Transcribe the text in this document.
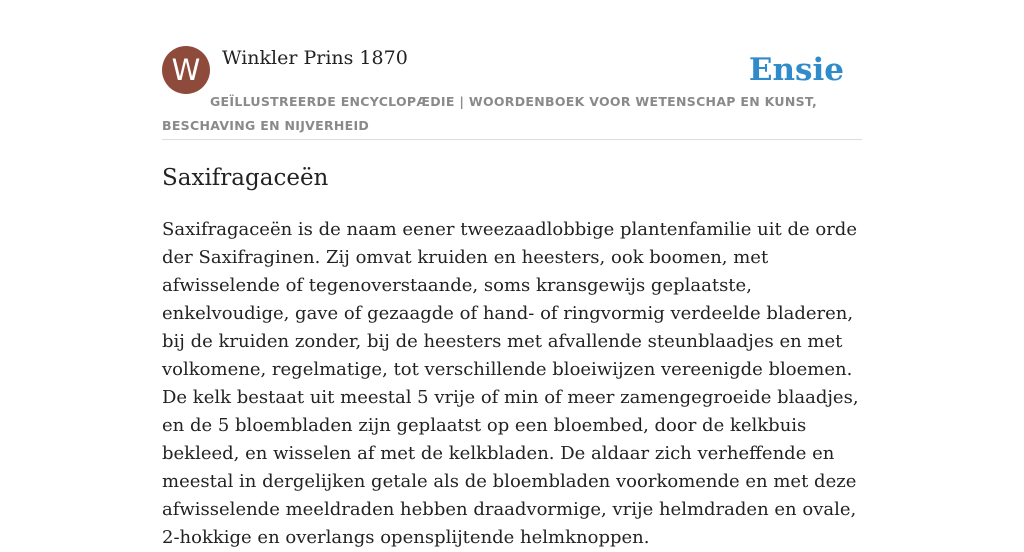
W	Winkler Prins 1870
GEÏLLUSTREERDE ENCYCLOPÆDIE | WOORDENBOEK VOOR WETENSCHAP EN KUNST, BESCHAVING EN NIJVERHEID
Ensie
Saxifragaceën

Saxifragaceën is de naam eener tweezaadlobbige plantenfamilie uit de orde der Saxifraginen. Zij omvat kruiden en heesters, ook boomen, met afwisselende of tegenoverstaande, soms kransgewijs geplaatste, enkelvoudige, gave of gezaagde of hand- of ringvormig verdeelde bladeren, bij de kruiden zonder, bij de heesters met afvallende steunblaadjes en met volkomene, regelmatige, tot verschillende bloeiwijzen vereenigde bloemen. De kelk bestaat uit meestal 5 vrije of min of meer zamengegroeide blaadjes, en de 5 bloembladen zijn geplaatst op een bloembed, door de kelkbuis bekleed, en wisselen af met de kelkbladen. De aldaar zich verheffende en meestal in dergelijken getale als de bloembladen voorkomende en met deze afwisselende meeldraden hebben draadvormige, vrije helmdraden en ovale, 2-hokkige en overlangs opensplijtende helmknoppen.
